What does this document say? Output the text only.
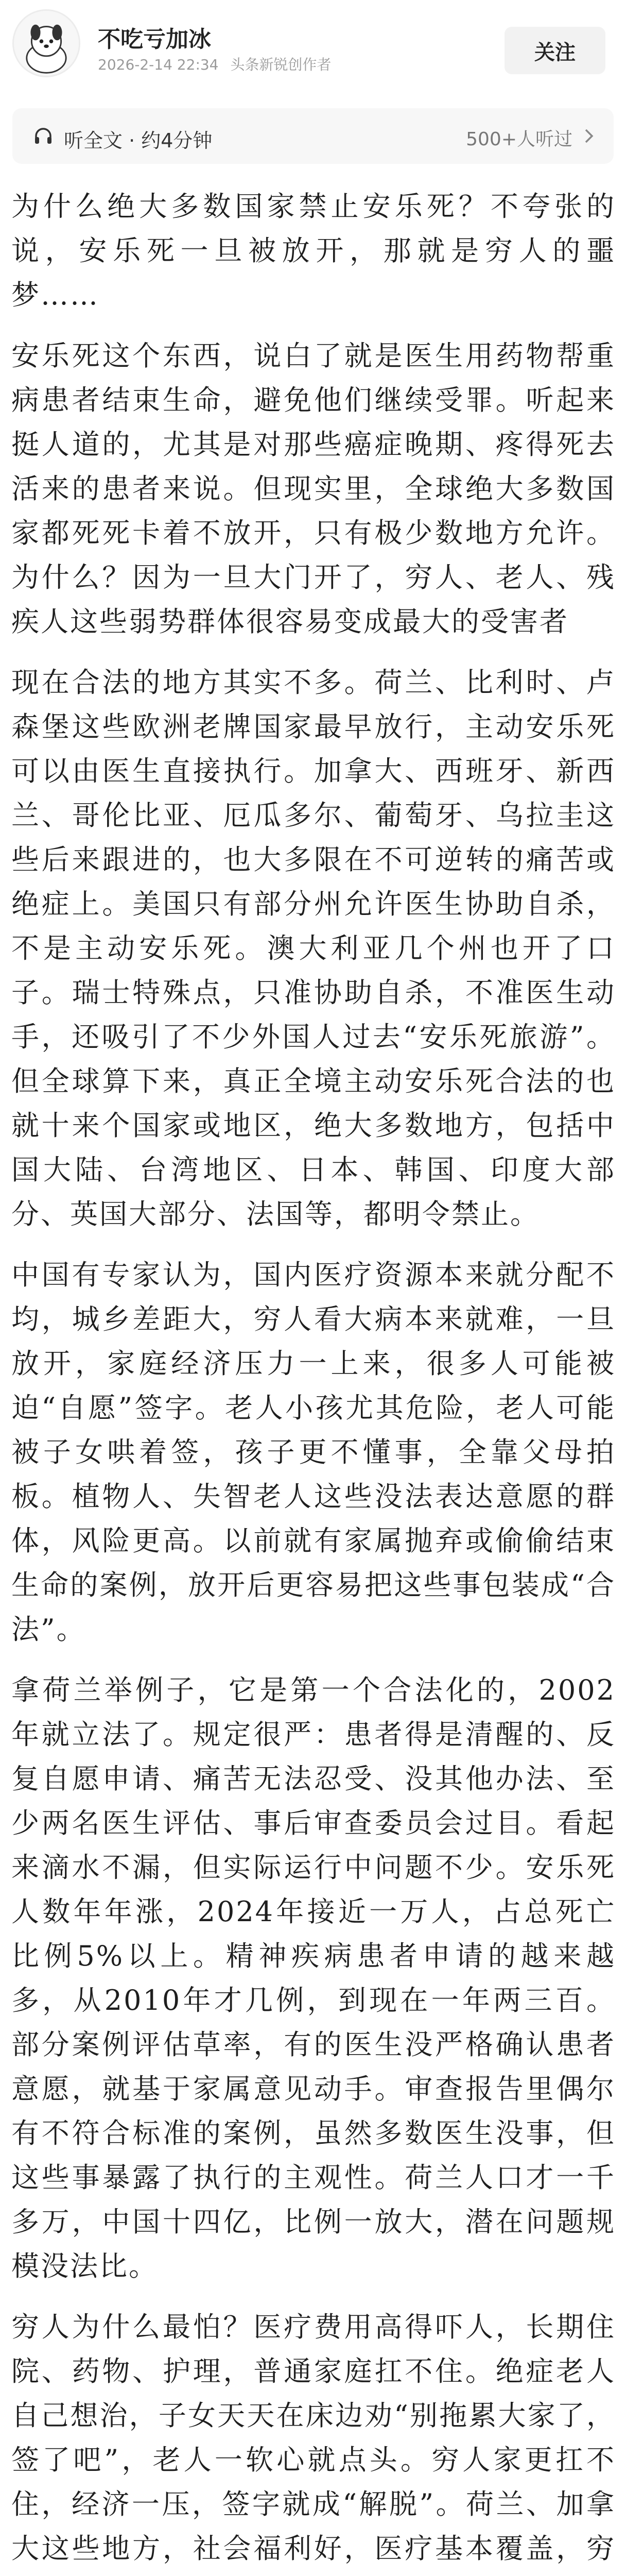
不吃亏加冰
2026-2-14 22:34 头条新锐创作者
关注
听全文 · 约4分钟	500+人听过

为什么绝大多数国家禁止安乐死？不夸张的说，安乐死一旦被放开，那就是穷人的噩梦……

安乐死这个东西，说白了就是医生用药物帮重病患者结束生命，避免他们继续受罪。听起来挺人道的，尤其是对那些癌症晚期、疼得死去活来的患者来说。但现实里，全球绝大多数国家都死死卡着不放开，只有极少数地方允许。为什么？因为一旦大门开了，穷人、老人、残疾人这些弱势群体很容易变成最大的受害者

现在合法的地方其实不多。荷兰、比利时、卢森堡这些欧洲老牌国家最早放行，主动安乐死可以由医生直接执行。加拿大、西班牙、新西兰、哥伦比亚、厄瓜多尔、葡萄牙、乌拉圭这些后来跟进的，也大多限在不可逆转的痛苦或绝症上。美国只有部分州允许医生协助自杀，不是主动安乐死。澳大利亚几个州也开了口子。瑞士特殊点，只准协助自杀，不准医生动手，还吸引了不少外国人过去“安乐死旅游”。但全球算下来，真正全境主动安乐死合法的也就十来个国家或地区，绝大多数地方，包括中国大陆、台湾地区、日本、韩国、印度大部分、英国大部分、法国等，都明令禁止。

中国有专家认为，国内医疗资源本来就分配不均，城乡差距大，穷人看大病本来就难，一旦放开，家庭经济压力一上来，很多人可能被迫“自愿”签字。老人小孩尤其危险，老人可能被子女哄着签，孩子更不懂事，全靠父母拍板。植物人、失智老人这些没法表达意愿的群体，风险更高。以前就有家属抛弃或偷偷结束生命的案例，放开后更容易把这些事包装成“合法”。

拿荷兰举例子，它是第一个合法化的，2002年就立法了。规定很严：患者得是清醒的、反复自愿申请、痛苦无法忍受、没其他办法、至少两名医生评估、事后审查委员会过目。看起来滴水不漏，但实际运行中问题不少。安乐死人数年年涨，2024年接近一万人，占总死亡比例5%以上。精神疾病患者申请的越来越多，从2010年才几例，到现在一年两三百。部分案例评估草率，有的医生没严格确认患者意愿，就基于家属意见动手。审查报告里偶尔有不符合标准的案例，虽然多数医生没事，但这些事暴露了执行的主观性。荷兰人口才一千多万，中国十四亿，比例一放大，潜在问题规模没法比。

穷人为什么最怕？医疗费用高得吓人，长期住院、药物、护理，普通家庭扛不住。绝症老人自己想治，子女天天在床边劝“别拖累大家了，签了吧”，老人一软心就点头。穷人家更扛不住，经济一压，签字就成“解脱”。荷兰、加拿大这些地方，社会福利好，医疗基本覆盖，穷
